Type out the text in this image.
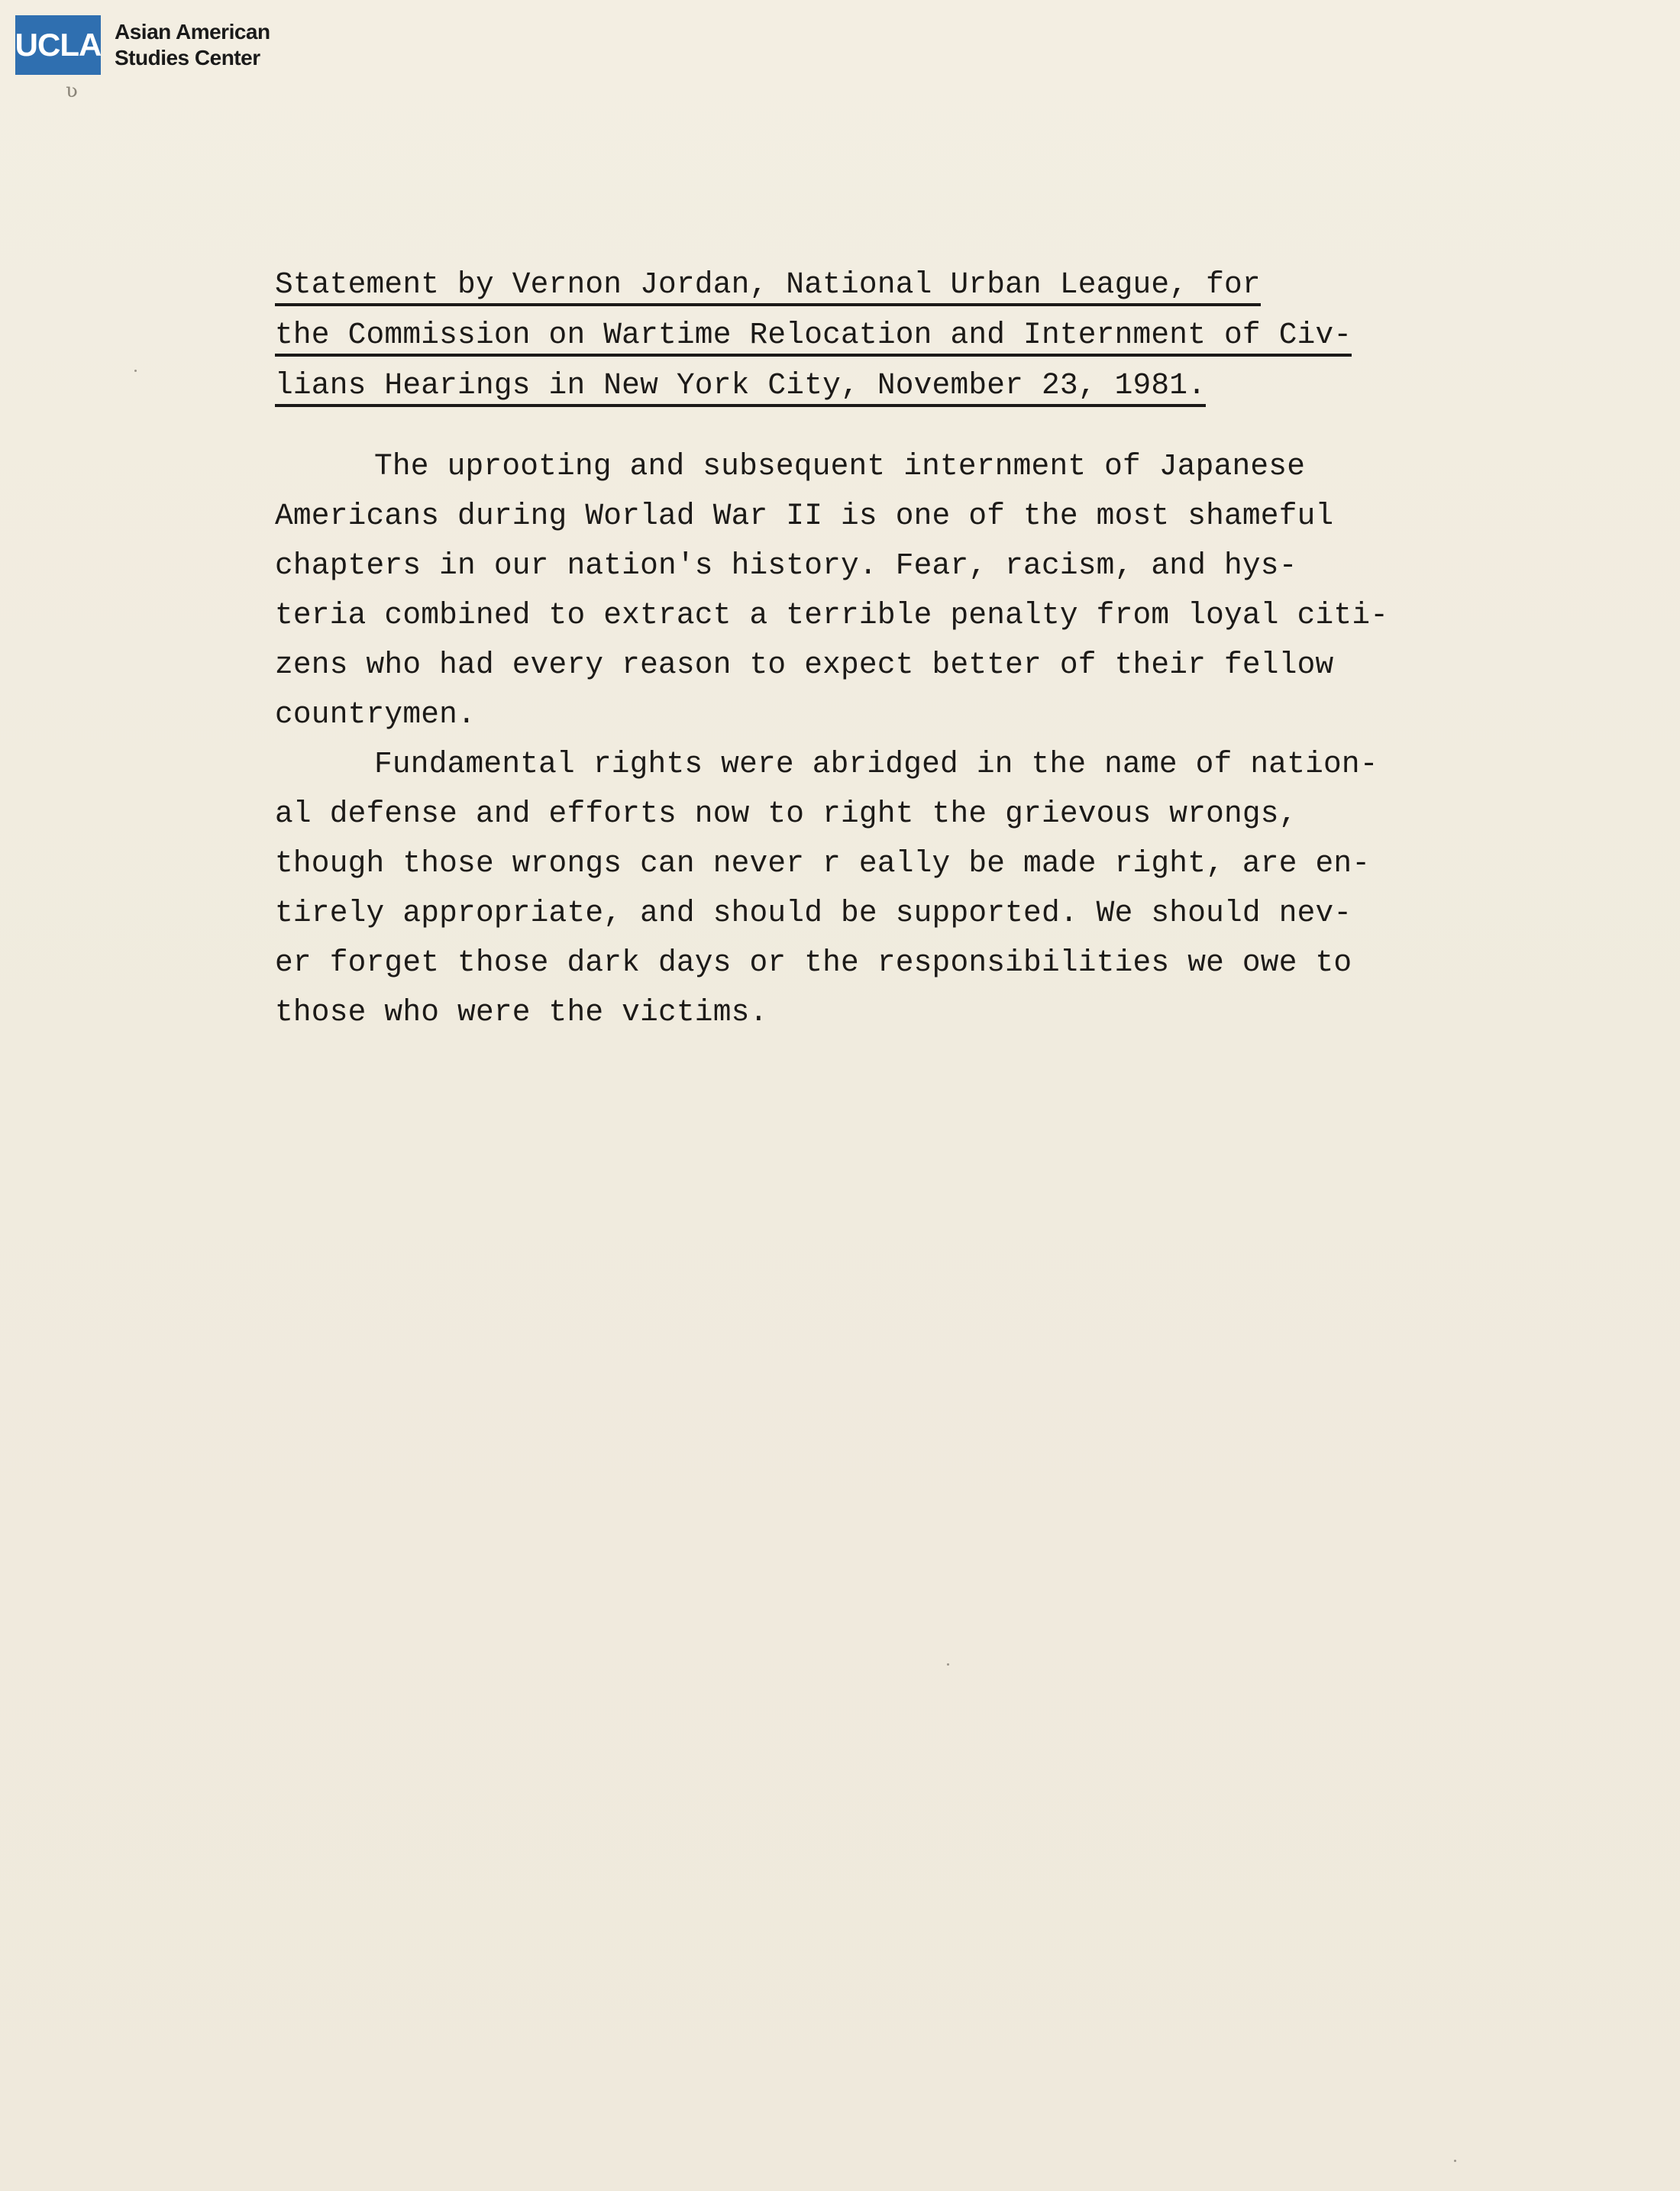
UCLA Asian American
Studies Center
ʋ
Statement by Vernon Jordan, National Urban League, for
the Commission on Wartime Relocation and Internment of Civ-
lians Hearings in New York City, November 23, 1981.
The uprooting and subsequent internment of Japanese
Americans during Worlad War II is one of the most shameful
chapters in our nation's history. Fear, racism, and hys-
teria combined to extract a terrible penalty from loyal citi-
zens who had every reason to expect better of their fellow
countrymen.
Fundamental rights were abridged in the name of nation-
al defense and efforts now to right the grievous wrongs,
though those wrongs can never r eally be made right, are en-
tirely appropriate, and should be supported. We should nev-
er forget those dark days or the responsibilities we owe to
those who were the victims.
